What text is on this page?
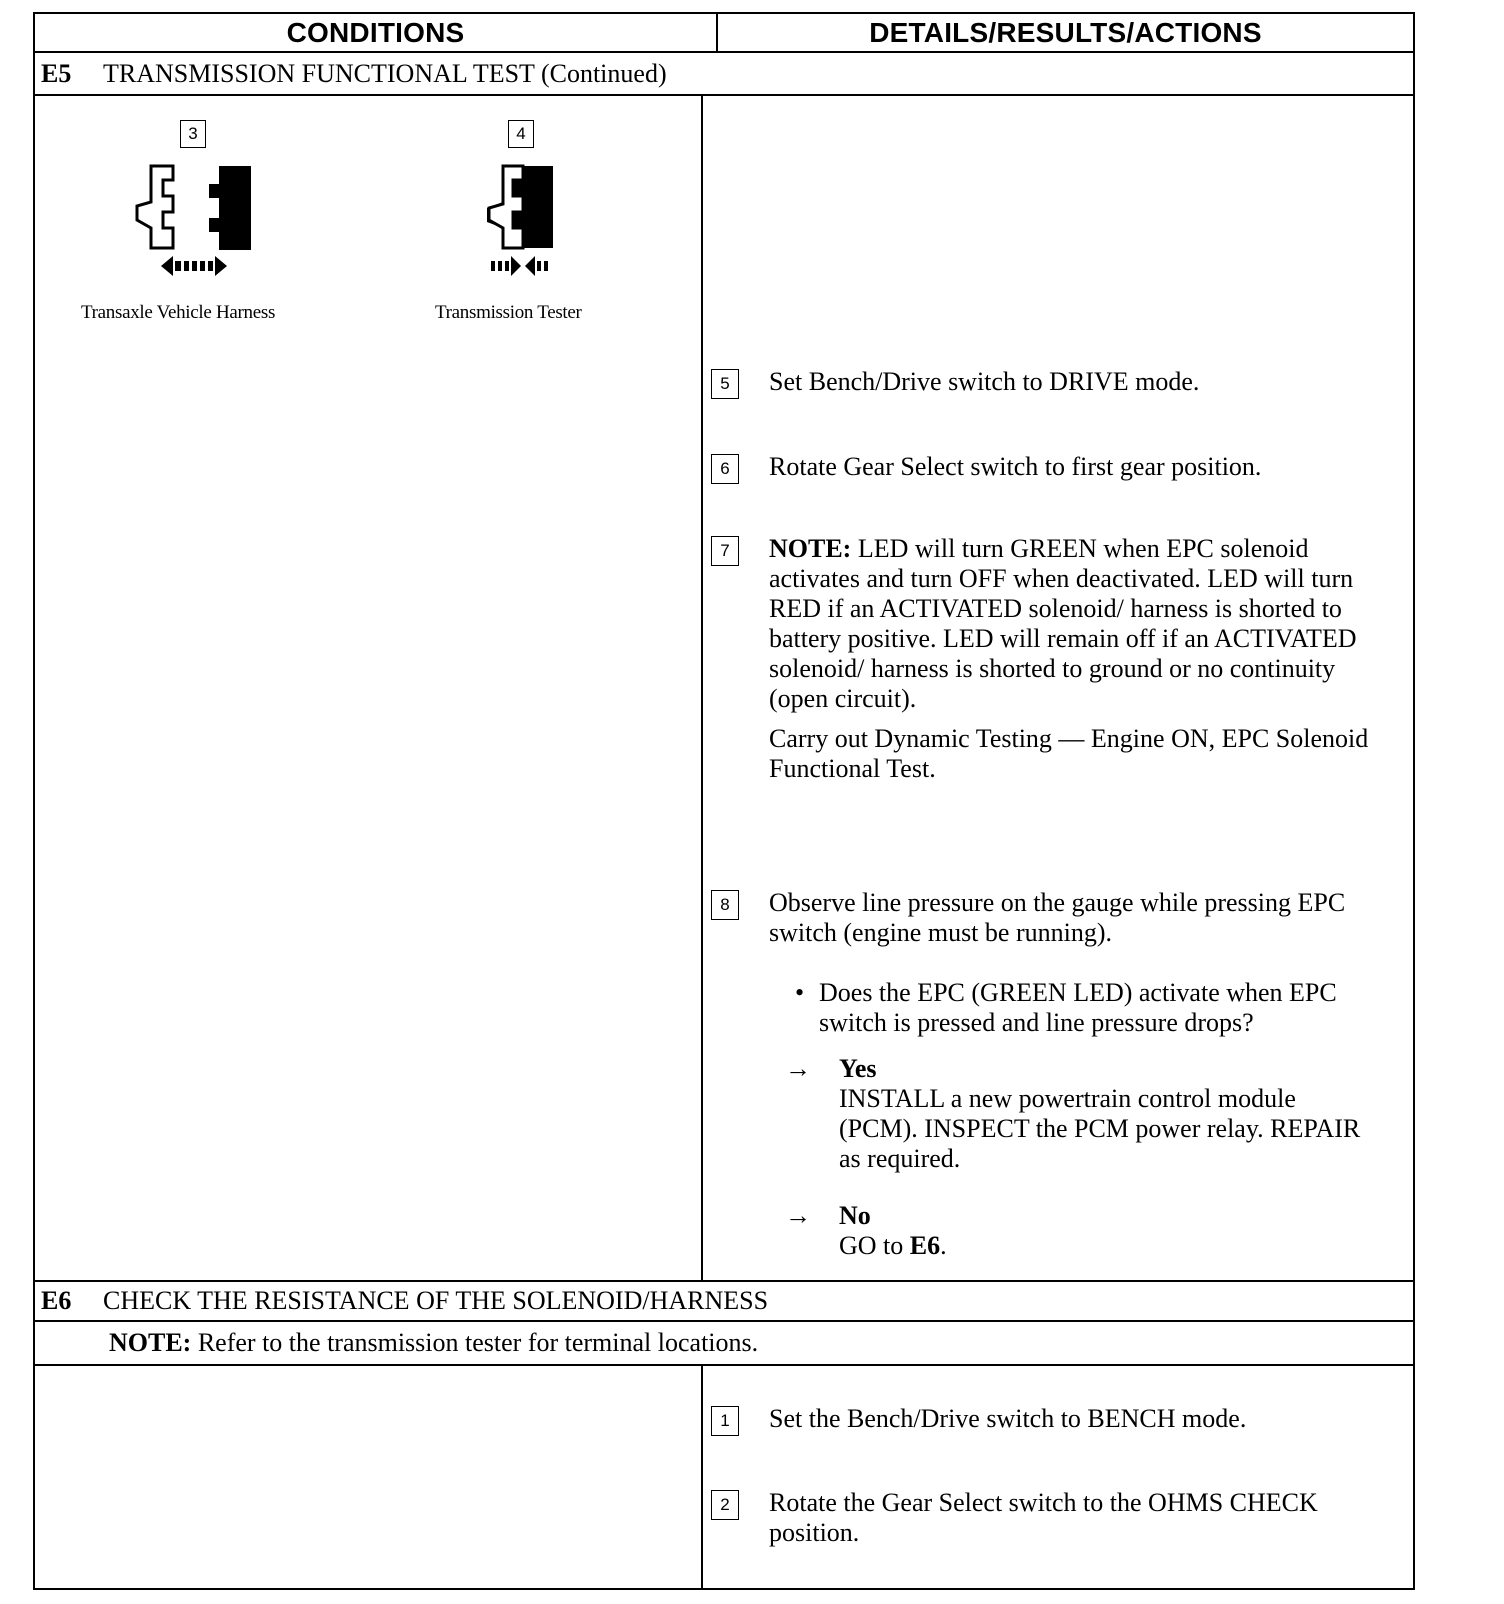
CONDITIONS	DETAILS/RESULTS/ACTIONS
E5	TRANSMISSION FUNCTIONAL TEST (Continued)
3
Transaxle Vehicle Harness
4
Transmission Tester
5	Set Bench/Drive switch to DRIVE mode.
6	Rotate Gear Select switch to first gear position.
7	NOTE: LED will turn GREEN when EPC solenoid activates and turn OFF when deactivated. LED will turn RED if an ACTIVATED solenoid/ harness is shorted to battery positive. LED will remain off if an ACTIVATED solenoid/ harness is shorted to ground or no continuity (open circuit).
Carry out Dynamic Testing — Engine ON, EPC Solenoid Functional Test.
8	Observe line pressure on the gauge while pressing EPC switch (engine must be running).
• Does the EPC (GREEN LED) activate when EPC switch is pressed and line pressure drops?
→ Yes
INSTALL a new powertrain control module (PCM). INSPECT the PCM power relay. REPAIR as required.
→ No
GO to E6.
E6	CHECK THE RESISTANCE OF THE SOLENOID/HARNESS
NOTE: Refer to the transmission tester for terminal locations.
1	Set the Bench/Drive switch to BENCH mode.
2	Rotate the Gear Select switch to the OHMS CHECK position.
